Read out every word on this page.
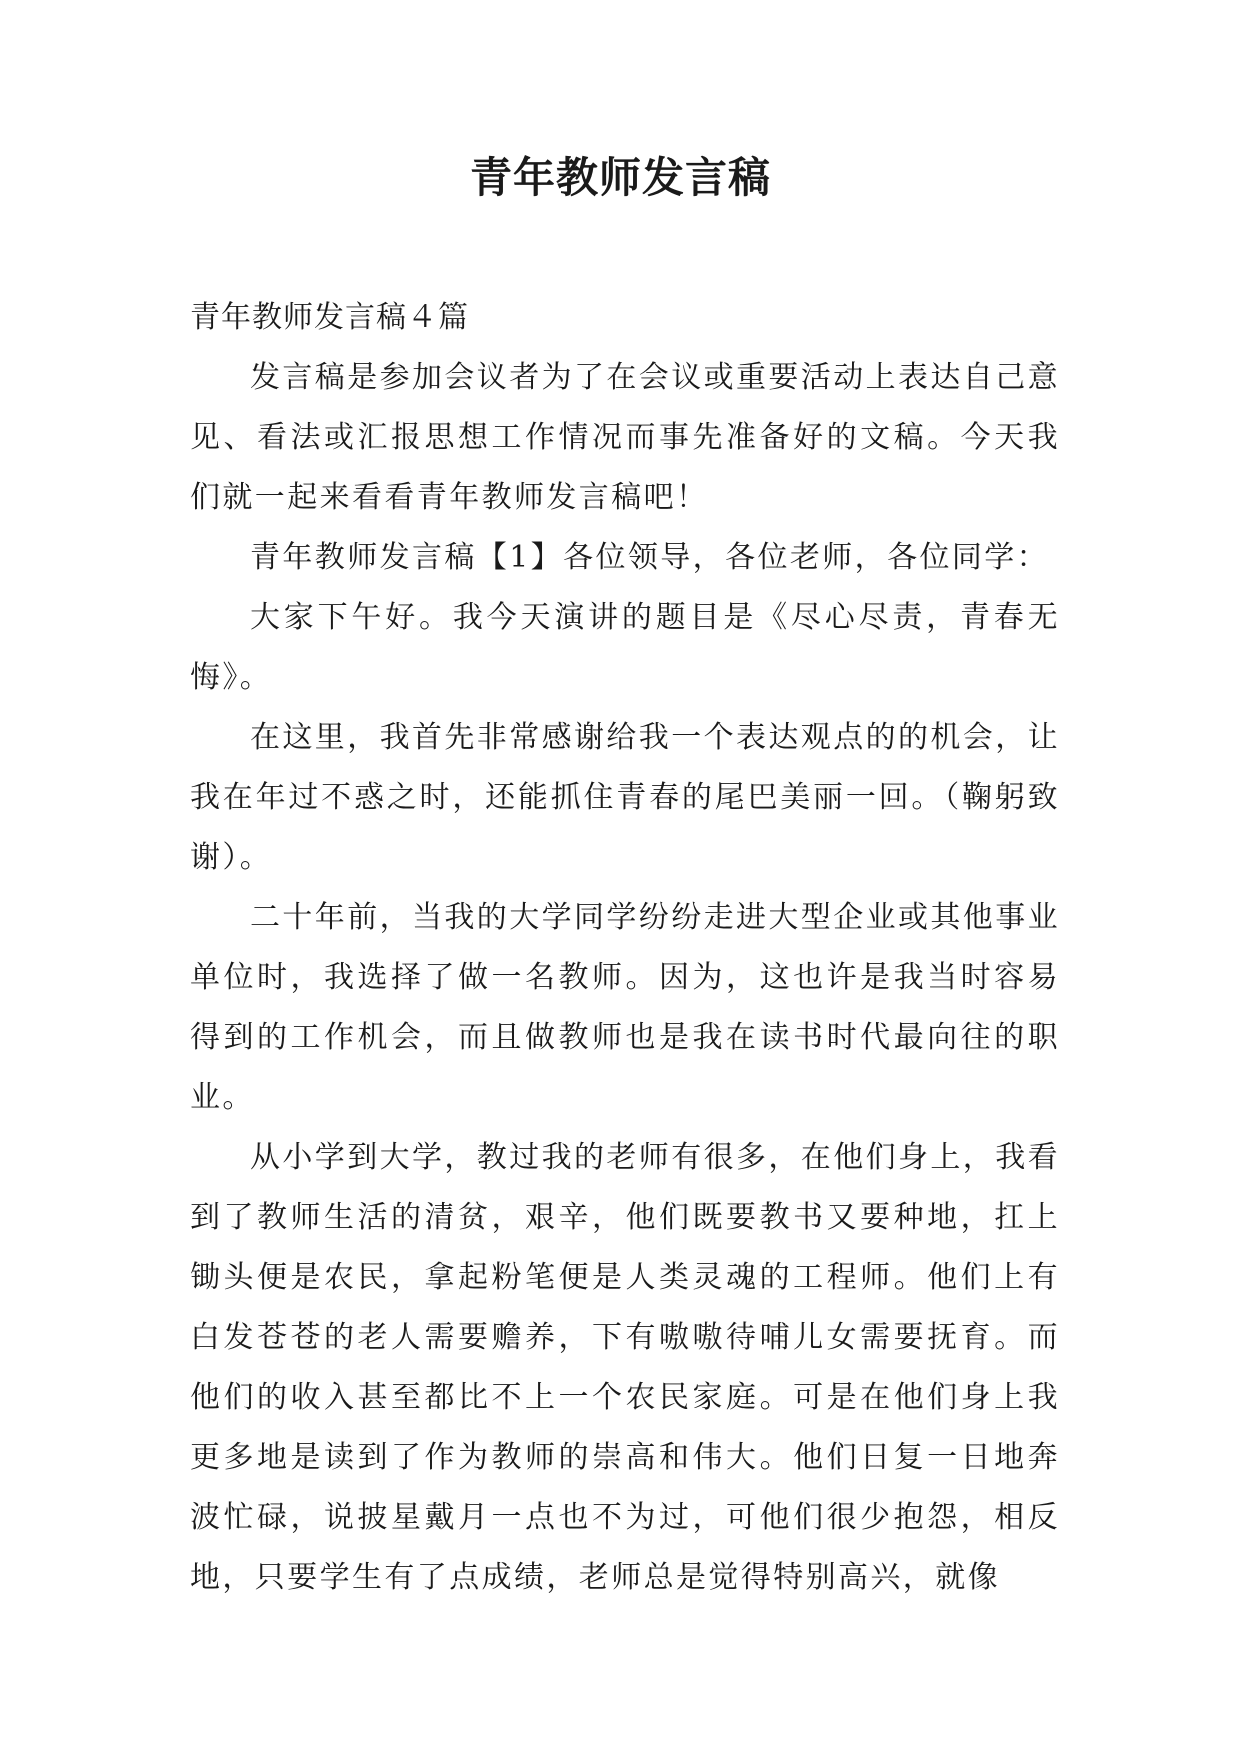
青年教师发言稿

青年教师发言稿４篇

发言稿是参加会议者为了在会议或重要活动上表达自己意见、看法或汇报思想工作情况而事先准备好的文稿。今天我们就一起来看看青年教师发言稿吧！

青年教师发言稿【1】各位领导，各位老师，各位同学：

大家下午好。我今天演讲的题目是《尽心尽责，青春无悔》。

在这里，我首先非常感谢给我一个表达观点的的机会，让我在年过不惑之时，还能抓住青春的尾巴美丽一回。（鞠躬致谢）。

二十年前，当我的大学同学纷纷走进大型企业或其他事业单位时，我选择了做一名教师。因为，这也许是我当时容易得到的工作机会，而且做教师也是我在读书时代最向往的职业。

从小学到大学，教过我的老师有很多，在他们身上，我看到了教师生活的清贫，艰辛，他们既要教书又要种地，扛上锄头便是农民，拿起粉笔便是人类灵魂的工程师。他们上有白发苍苍的老人需要赡养，下有嗷嗷待哺儿女需要抚育。而他们的收入甚至都比不上一个农民家庭。可是在他们身上我更多地是读到了作为教师的崇高和伟大。他们日复一日地奔波忙碌，说披星戴月一点也不为过，可他们很少抱怨，相反地，只要学生有了点成绩，老师总是觉得特别高兴，就像
